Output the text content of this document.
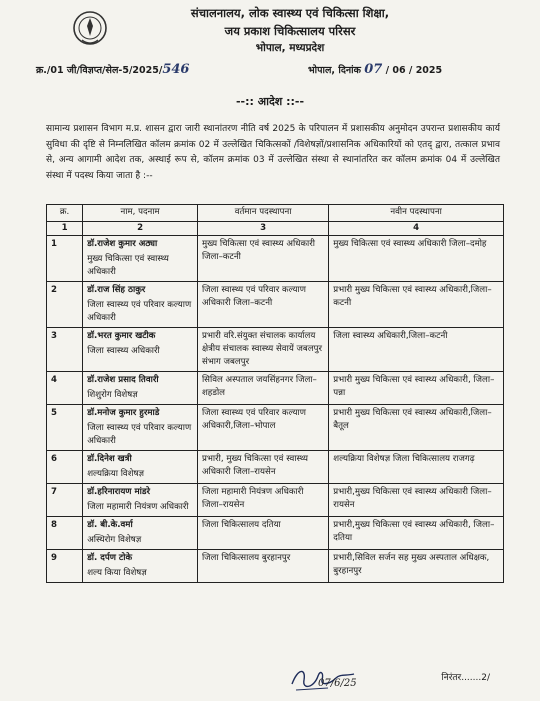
संचालनालय, लोक स्वास्थ्य एवं चिकित्सा शिक्षा,
जय प्रकाश चिकित्सालय परिसर
भोपाल, मध्यप्रदेश
क्र./01 जी/विज्ञप्त/सेल-5/2025/546	भोपाल, दिनांक 07 / 06 / 2025
--:: आदेश ::--
सामान्य प्रशासन विभाग म.प्र. शासन द्वारा जारी स्थानांतरण नीति वर्ष 2025 के परिपालन में प्रशासकीय अनुमोदन उपरान्त प्रशासकीय कार्य सुविधा की दृष्टि से निम्नलिखित कॉलम क्रमांक 02 में उल्लेखित चिकित्सकों /विशेषज्ञों/प्रशासनिक अधिकारियों को एतद् द्वारा, तत्काल प्रभाव से, अन्य आगामी आदेश तक, अस्थाई रूप से, कॉलम क्रमांक 03 में उल्लेखित संस्था से स्थानांतरित कर कॉलम क्रमांक 04 में उल्लेखित संस्था में पदस्थ किया जाता है :--
क्र.	नाम, पदनाम	वर्तमान पदस्थापना	नवीन पदस्थापना
1	2	3	4
1	डॉ.राजेश कुमार अठ्या
मुख्य चिकित्सा एवं स्वास्थ्य अधिकारी	मुख्य चिकित्सा एवं स्वास्थ्य अधिकारी जिला–कटनी	मुख्य चिकित्सा एवं स्वास्थ्य अधिकारी जिला–दमोह
2	डॉ.राज सिंह ठाकुर
जिला स्वास्थ्य एवं परिवार कल्याण अधिकारी	जिला स्वास्थ्य एवं परिवार कल्याण अधिकारी जिला–कटनी	प्रभारी मुख्य चिकित्सा एवं स्वास्थ्य अधिकारी,जिला–कटनी
3	डॉ.भरत कुमार खटीक
जिला स्वास्थ्य अधिकारी	प्रभारी वरि.संयुक्त संचालक कार्यालय क्षेत्रीय संचालक स्वास्थ्य सेवायें जबलपुर संभाग जबलपुर	जिला स्वास्थ्य अधिकारी,जिला–कटनी
4	डॉ.राजेश प्रसाद तिवारी
शिशुरोग विशेषज्ञ	सिविल अस्पताल जयसिंहनगर जिला–शहडोल	प्रभारी मुख्य चिकित्सा एवं स्वास्थ्य अधिकारी, जिला–पन्ना
5	डॉ.मनोज कुमार हुरमाडे
जिला स्वास्थ्य एवं परिवार कल्याण अधिकारी	जिला स्वास्थ्य एवं परिवार कल्याण अधिकारी,जिला–भोपाल	प्रभारी मुख्य चिकित्सा एवं स्वास्थ्य अधिकारी,जिला–बैतूल
6	डॉ.दिनेश खत्री
शल्यक्रिया विशेषज्ञ	प्रभारी, मुख्य चिकित्सा एवं स्वास्थ्य अधिकारी जिला–रायसेन	शल्यक्रिया विशेषज्ञ जिला चिकित्सालय राजगढ़
7	डॉ.हरिनारायण मांडरे
जिला महामारी नियंत्रण अधिकारी	जिला महामारी नियंत्रण अधिकारी जिला–रायसेन	प्रभारी,मुख्य चिकित्सा एवं स्वास्थ्य अधिकारी जिला–रायसेन
8	डॉ. बी.के.वर्मा
अस्थिरोग विशेषज्ञ	जिला चिकित्सालय दतिया	प्रभारी,मुख्य चिकित्सा एवं स्वास्थ्य अधिकारी, जिला–दतिया
9	डॉ. दर्पण टोके
शल्य किया विशेषज्ञ	जिला चिकित्सालय बुरहानपुर	प्रभारी,सिविल सर्जन सह मुख्य अस्पताल अधिक्षक, बुरहानपुर
07/6/25	निरंतर.......2/
